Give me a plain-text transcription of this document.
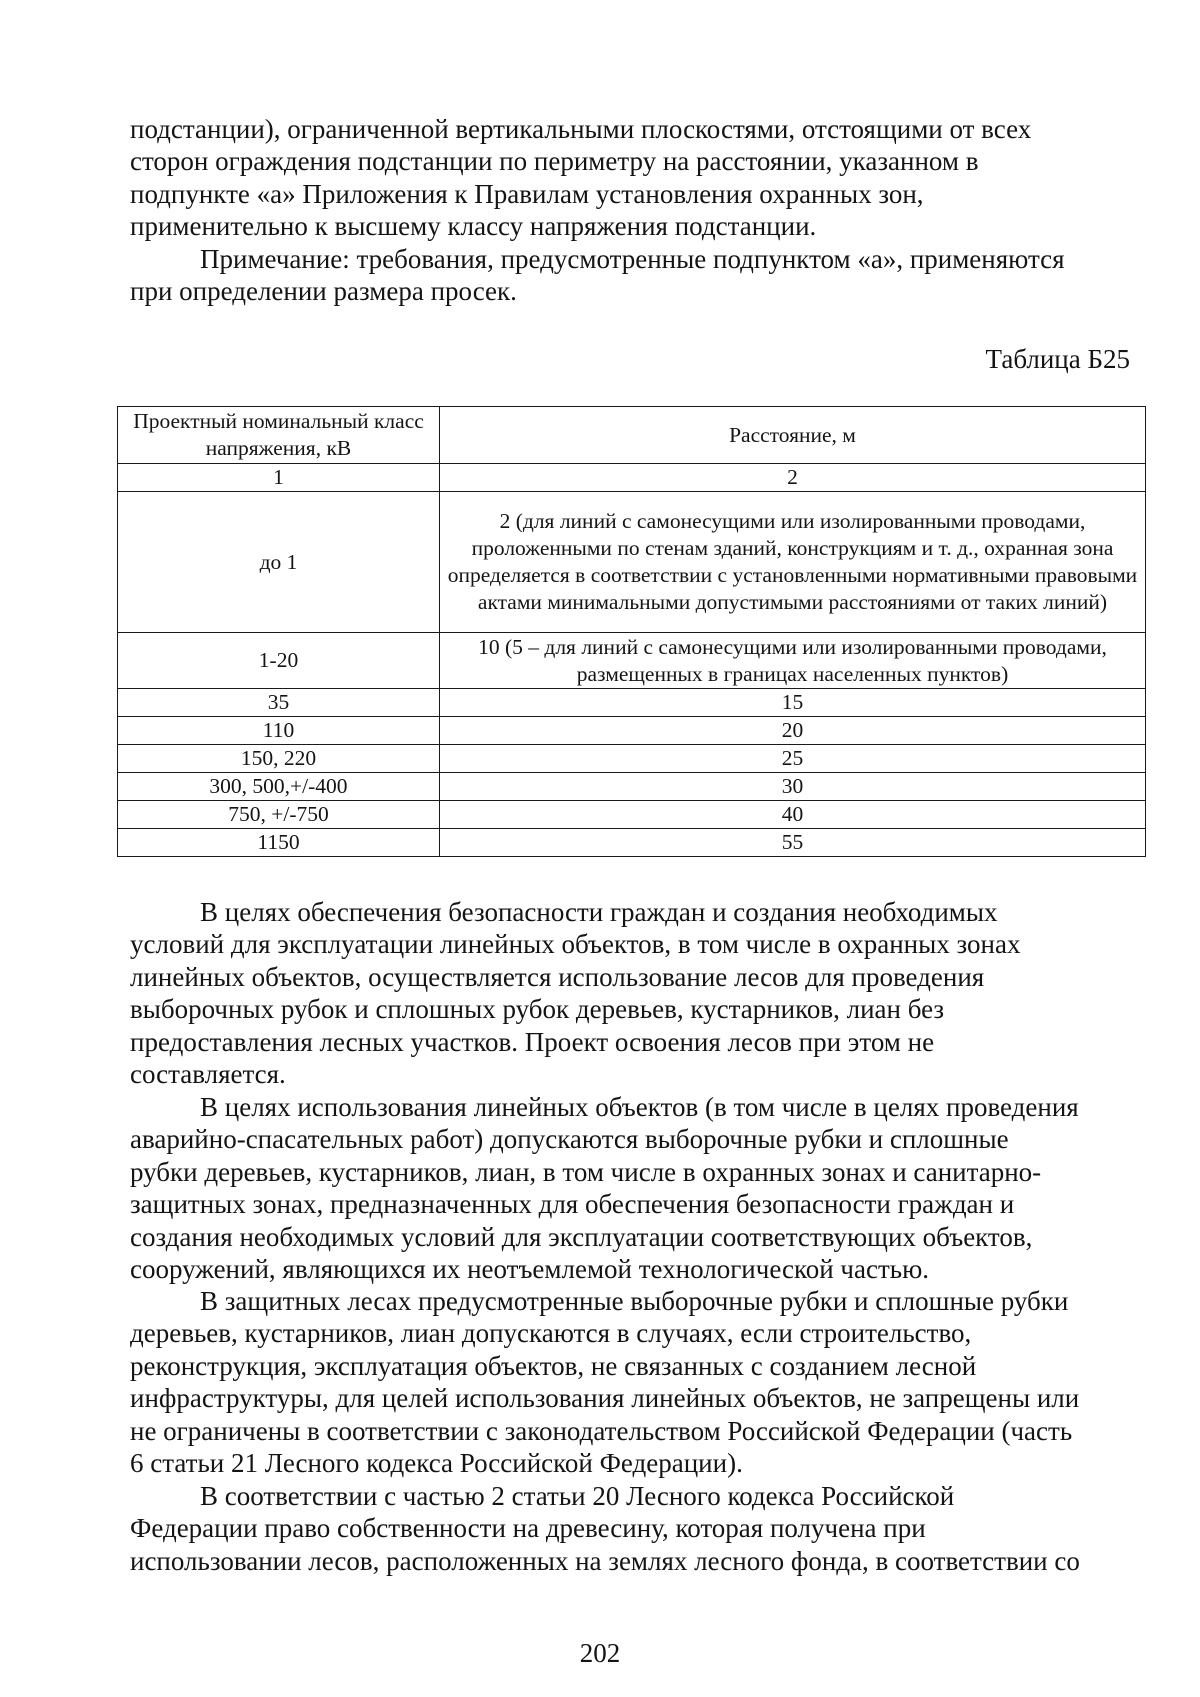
подстанции), ограниченной вертикальными плоскостями, отстоящими от всех
сторон ограждения подстанции по периметру на расстоянии, указанном в
подпункте «а» Приложения к Правилам установления охранных зон,
применительно к высшему классу напряжения подстанции.

Примечание: требования, предусмотренные подпунктом «а», применяются
при определении размера просек.

Таблица Б25

Проектный номинальный класс напряжения, кВ	Расстояние, м
1	2
до 1	2 (для линий с самонесущими или изолированными проводами, проложенными по стенам зданий, конструкциям и т. д., охранная зона определяется в соответствии с установленными нормативными правовыми актами минимальными допустимыми расстояниями от таких линий)
1-20	10 (5 – для линий с самонесущими или изолированными проводами, размещенных в границах населенных пунктов)
35	15
110	20
150, 220	25
300, 500,+/-400	30
750, +/-750	40
1150	55

В целях обеспечения безопасности граждан и создания необходимых
условий для эксплуатации линейных объектов, в том числе в охранных зонах
линейных объектов, осуществляется использование лесов для проведения
выборочных рубок и сплошных рубок деревьев, кустарников, лиан без
предоставления лесных участков. Проект освоения лесов при этом не
составляется.

В целях использования линейных объектов (в том числе в целях проведения
аварийно-спасательных работ) допускаются выборочные рубки и сплошные
рубки деревьев, кустарников, лиан, в том числе в охранных зонах и санитарно-
защитных зонах, предназначенных для обеспечения безопасности граждан и
создания необходимых условий для эксплуатации соответствующих объектов,
сооружений, являющихся их неотъемлемой технологической частью.

В защитных лесах предусмотренные выборочные рубки и сплошные рубки
деревьев, кустарников, лиан допускаются в случаях, если строительство,
реконструкция, эксплуатация объектов, не связанных с созданием лесной
инфраструктуры, для целей использования линейных объектов, не запрещены или
не ограничены в соответствии с законодательством Российской Федерации (часть
6 статьи 21 Лесного кодекса Российской Федерации).

В соответствии с частью 2 статьи 20 Лесного кодекса Российской
Федерации право собственности на древесину, которая получена при
использовании лесов, расположенных на землях лесного фонда, в соответствии со

202
